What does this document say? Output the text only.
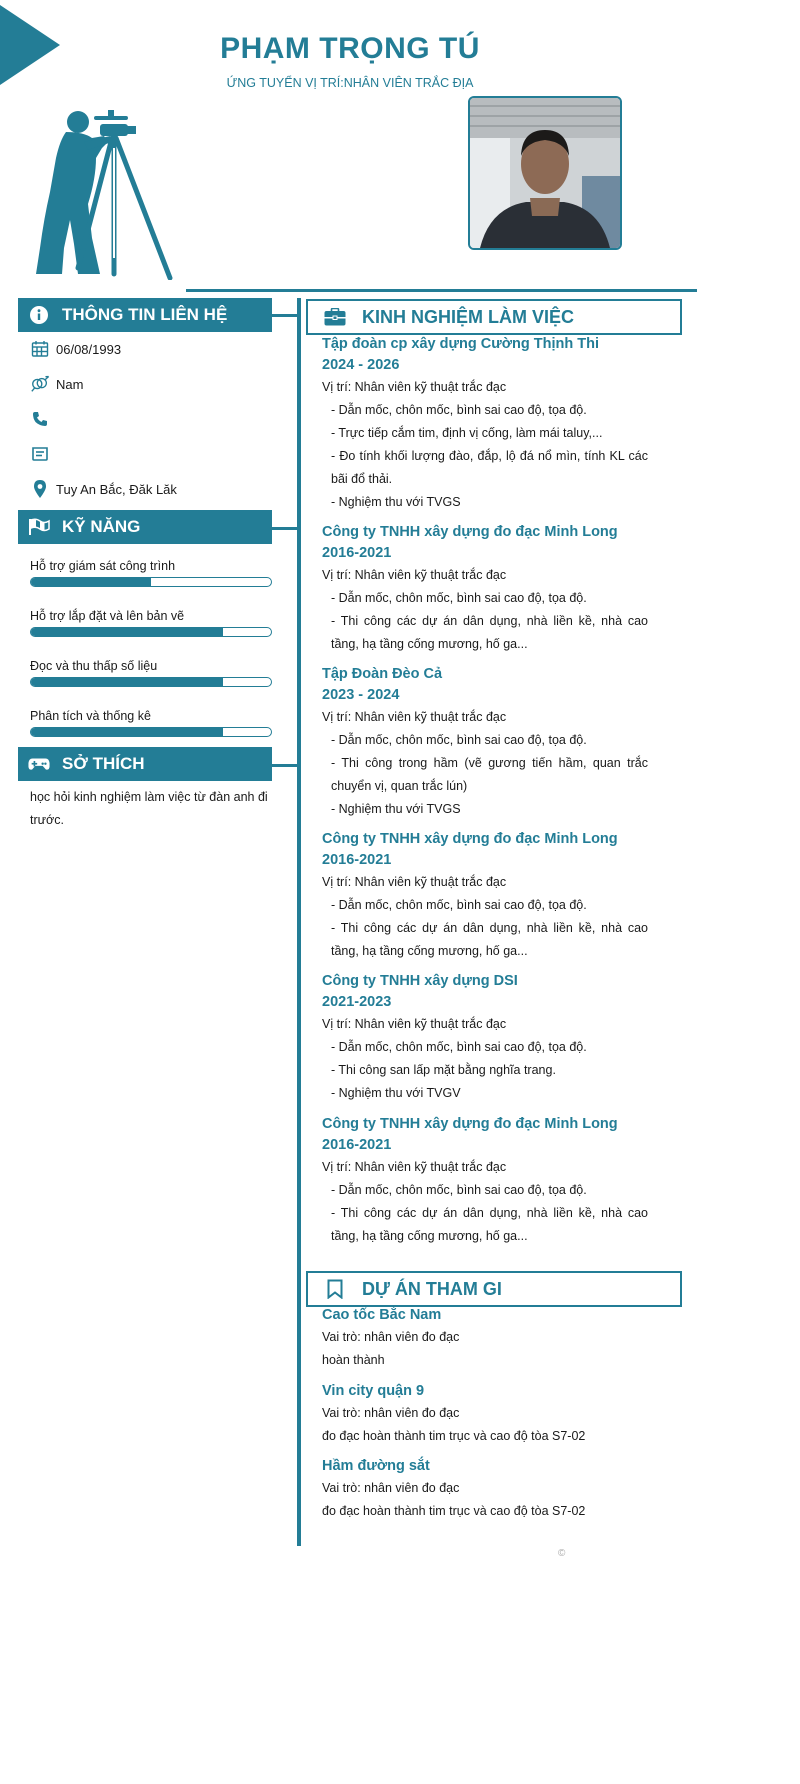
PHẠM TRỌNG TÚ
ỨNG TUYỂN VỊ TRÍ:NHÂN VIÊN TRẮC ĐỊA
THÔNG TIN LIÊN HỆ
06/08/1993
Nam
Tuy An Bắc, Đăk Lăk
KỸ NĂNG
Hỗ trợ giám sát công trình
Hỗ trợ lắp đặt và lên bản vẽ
Đọc và thu thấp số liệu
Phân tích và thống kê
SỞ THÍCH
học hỏi kinh nghiệm làm việc từ đàn anh đi trước.
KINH NGHIỆM LÀM VIỆC
Tập đoàn cp xây dựng Cường Thịnh Thi
2024 - 2026
Vị trí: Nhân viên kỹ thuật trắc đạc
- Dẫn mốc, chôn mốc, bình sai cao độ, tọa độ.
- Trực tiếp cắm tim, định vị cống, làm mái taluy,...
- Đo tính khối lượng đào, đắp, lộ đá nổ mìn, tính KL các bãi đổ thải.
- Nghiệm thu với TVGS
Công ty TNHH xây dựng đo đạc Minh Long
2016-2021
Vị trí: Nhân viên kỹ thuật trắc đạc
- Dẫn mốc, chôn mốc, bình sai cao độ, tọa độ.
- Thi công các dự án dân dụng, nhà liền kề, nhà cao tầng, hạ tầng cống mương, hố ga...
Tập Đoàn Đèo Cả
2023 - 2024
Vị trí: Nhân viên kỹ thuật trắc đạc
- Dẫn mốc, chôn mốc, bình sai cao độ, tọa độ.
- Thi công trong hầm (vẽ gương tiến hầm, quan trắc chuyển vị, quan trắc lún)
- Nghiệm thu với TVGS
Công ty TNHH xây dựng đo đạc Minh Long
2016-2021
Vị trí: Nhân viên kỹ thuật trắc đạc
- Dẫn mốc, chôn mốc, bình sai cao độ, tọa độ.
- Thi công các dự án dân dụng, nhà liền kề, nhà cao tầng, hạ tầng cống mương, hố ga...
Công ty TNHH xây dựng DSI
2021-2023
Vị trí: Nhân viên kỹ thuật trắc đạc
- Dẫn mốc, chôn mốc, bình sai cao độ, tọa độ.
- Thi công san lấp mặt bằng nghĩa trang.
- Nghiệm thu với TVGV
Công ty TNHH xây dựng đo đạc Minh Long
2016-2021
Vị trí: Nhân viên kỹ thuật trắc đạc
- Dẫn mốc, chôn mốc, bình sai cao độ, tọa độ.
- Thi công các dự án dân dụng, nhà liền kề, nhà cao tầng, hạ tầng cống mương, hố ga...
DỰ ÁN THAM GI
Cao tốc Bắc Nam
Vai trò: nhân viên đo đạc
hoàn thành
Vin city quận 9
Vai trò: nhân viên đo đạc
đo đạc hoàn thành tim trục và cao độ tòa S7-02
Hầm đường sắt
Vai trò: nhân viên đo đạc
đo đạc hoàn thành tim trục và cao độ tòa S7-02
©
